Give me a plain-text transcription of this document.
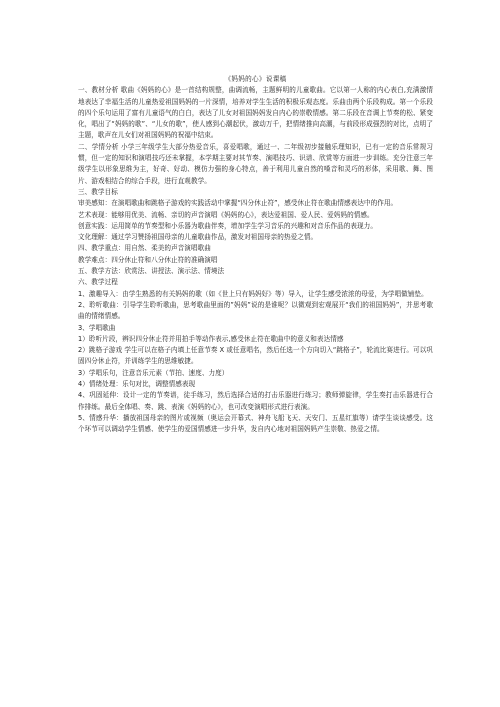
《妈妈的心》说课稿

一、教材分析 歌曲《妈妈的心》是一首结构规整，曲调流畅，主题鲜明的儿童歌曲。它以第一人称的内心表白,充满激情地表达了幸福生活的儿童热爱祖国妈妈的一片深情，培养对学生生活的积极乐观态度。乐曲由两个乐段构成。第一个乐段的四个乐句运用了富有儿童语气的白白，表达了儿女对祖国妈妈发自内心的崇敬情感。第二乐段在音调上节奏的松、紧变化，唱出了“妈妈的歌”、“儿女的歌”，使人感到心潮起伏，激动万千，把情绪推向高潮，与前段形成强烈的对比，点明了主题，歌声在儿女们对祖国妈妈的祝福中结束。

二、学情分析 小学三年级学生大部分热爱音乐，喜爱唱歌，通过一、二年级初步接触乐理知识，已有一定的音乐常规习惯，但一定的知识和演唱技巧还未掌握，本学期主要对其节奏、演唱技巧、识谱、欣赏等方面进一步训练。充分注意三年级学生以形象思维为主，好奇、好动、模仿力强的身心特点，善于利用儿童自然的嗓音和灵巧的形体，采用歌、舞、图片、游戏相结合的综合手段，进行直观教学。

三、教学目标

审美感知：在演唱歌曲和跳格子游戏的实践活动中掌握“四分休止符”，感受休止符在歌曲情感表达中的作用。

艺术表现：能够用优美、流畅、亲切的声音演唱《妈妈的心》，表达爱祖国、爱人民、爱妈妈的情感。

创意实践：运用简单的节奏型和小乐器为歌曲伴奏，增加学生学习音乐的兴趣和对音乐作品的表现力。

文化理解：通过学习赞扬祖国母亲的儿童歌曲作品，激发对祖国母亲的热爱之情。

四、教学重点：用自然、柔美的声音演唱歌曲

教学难点：四分休止符和八分休止符的准确演唱

五、教学方法：欣赏法、讲授法、演示法、情境法

六、教学过程

1、激趣导入：由学生熟悉的有关妈妈的歌（如《世上只有妈妈好》等）导入，让学生感受浓浓的母爱，为学唱做铺垫。

2、聆听歌曲：引导学生聆听歌曲，思考歌曲里面的”妈妈”说的是谁呢？以微观到宏观展开“我们的祖国妈妈”，并思考歌曲的情绪情感。

3、学唱歌曲

1）聆听片段，辨识四分休止符并用拍手等动作表示,感受休止符在歌曲中的意义和表达情感

2）跳格子游戏 学生可以在格子内填上任意节奏 X 或任意唱名，然后任选一个方向切入“跳格子”，轮流比赛进行。可以巩固四分休止符，并训练学生的思维敏捷。

3）学唱乐句，注意音乐元素（节拍、速度、力度）

4）情绪处理：乐句对比，调整情感表现

4、巩固延伸：设计一定的节奏谱，徒手练习，然后选择合适的打击乐器进行练习；教师弹旋律，学生奏打击乐器进行合作排练。最后全体唱、奏、跳、表演《妈妈的心》，也可改变演唱形式进行表演。

5、情感升华：播放祖国母亲的图片或视频（奥运会开幕式、神舟飞船飞天、天安门、五星红旗等）请学生谈谈感受。这个环节可以调动学生情感、使学生的爱国情感进一步升华，发自内心地对祖国妈妈产生崇敬、热爱之情。
